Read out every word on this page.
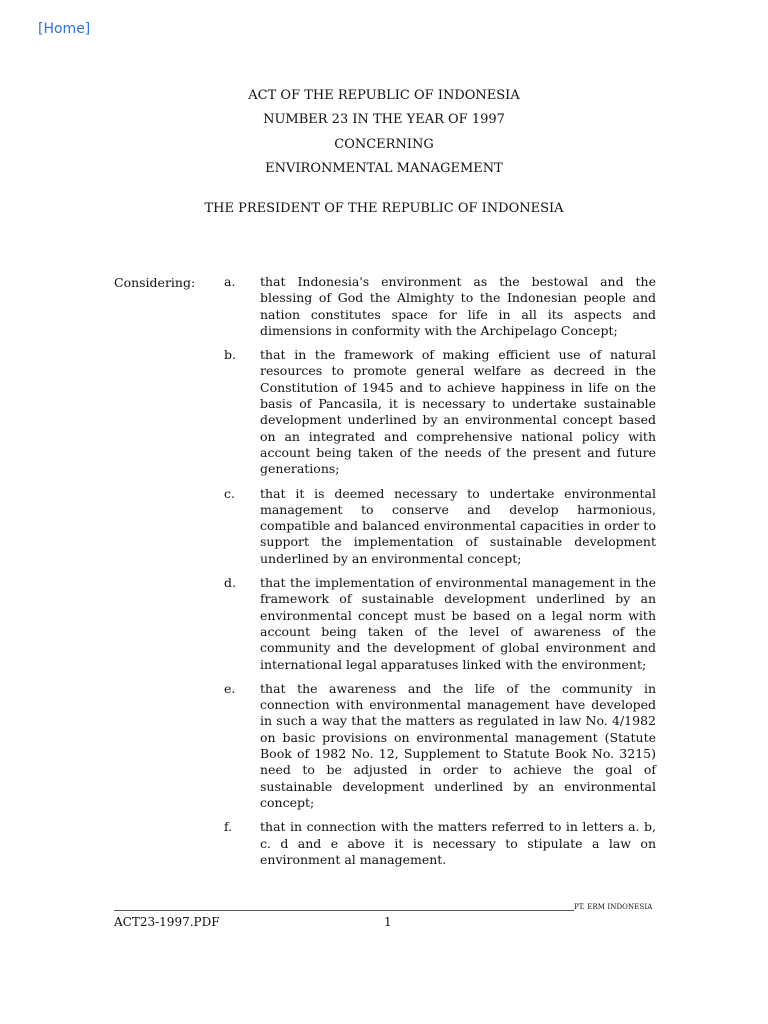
[Home]
ACT OF THE REPUBLIC OF INDONESIA
NUMBER 23 IN THE YEAR OF 1997
CONCERNING
ENVIRONMENTAL MANAGEMENT
THE PRESIDENT OF THE REPUBLIC OF INDONESIA
Considering: a.	that Indonesia's environment as the bestowal and the blessing of God the Almighty to the Indonesian people and nation constitutes space for life in all its aspects and dimensions in conformity with the Archipelago Concept;
b.	that in the framework of making efficient use of natural resources to promote general welfare as decreed in the Constitution of 1945 and to achieve happiness in life on the basis of Pancasila, it is necessary to undertake sustainable development underlined by an environmental concept based on an integrated and comprehensive national policy with account being taken of the needs of the present and future generations;
c.	that it is deemed necessary to undertake environmental management to conserve and develop harmonious, compatible and balanced environmental capacities in order to support the implementation of sustainable development underlined by an environmental concept;
d.	that the implementation of environmental management in the framework of sustainable development underlined by an environmental concept must be based on a legal norm with account being taken of the level of awareness of the community and the development of global environment and international legal apparatuses linked with the environment;
e.	that the awareness and the life of the community in connection with environmental management have developed in such a way that the matters as regulated in law No. 4/1982 on basic provisions on environmental management (Statute Book of 1982 No. 12, Supplement to Statute Book No. 3215) need to be adjusted in order to achieve the goal of sustainable development underlined by an environmental concept;
f.	that in connection with the matters referred to in letters a. b, c. d and e above it is necessary to stipulate a law on environment al management.
PT. ERM INDONESIA
ACT23-1997.PDF	1
